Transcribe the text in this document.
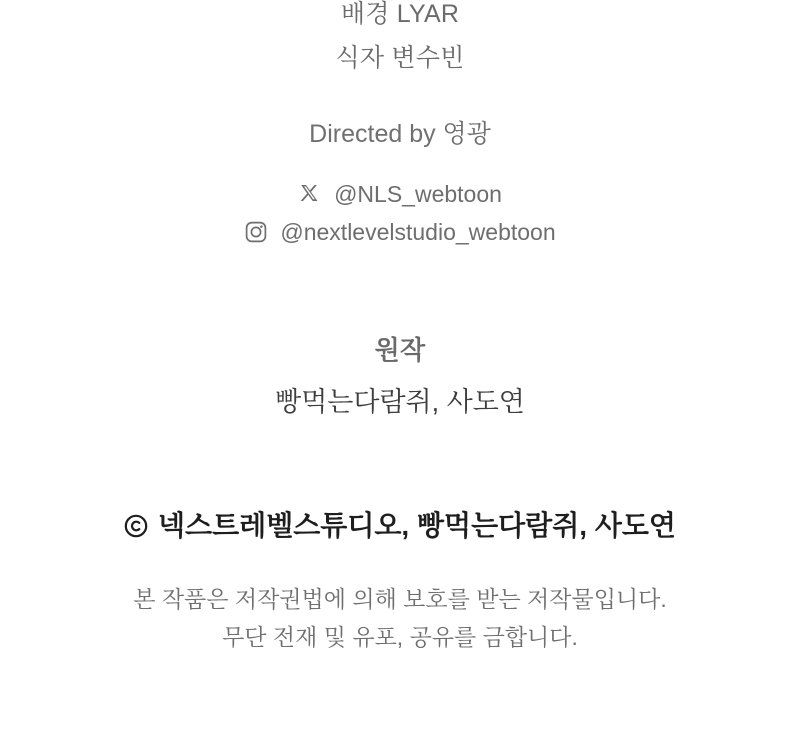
배경 LYAR
식자 변수빈
Directed by 영광
@NLS_webtoon
@nextlevelstudio_webtoon
원작
빵먹는다람쥐, 사도연
넥스트레벨스튜디오, 빵먹는다람쥐, 사도연
본 작품은 저작권법에 의해 보호를 받는 저작물입니다.
무단 전재 및 유포, 공유를 금합니다.
